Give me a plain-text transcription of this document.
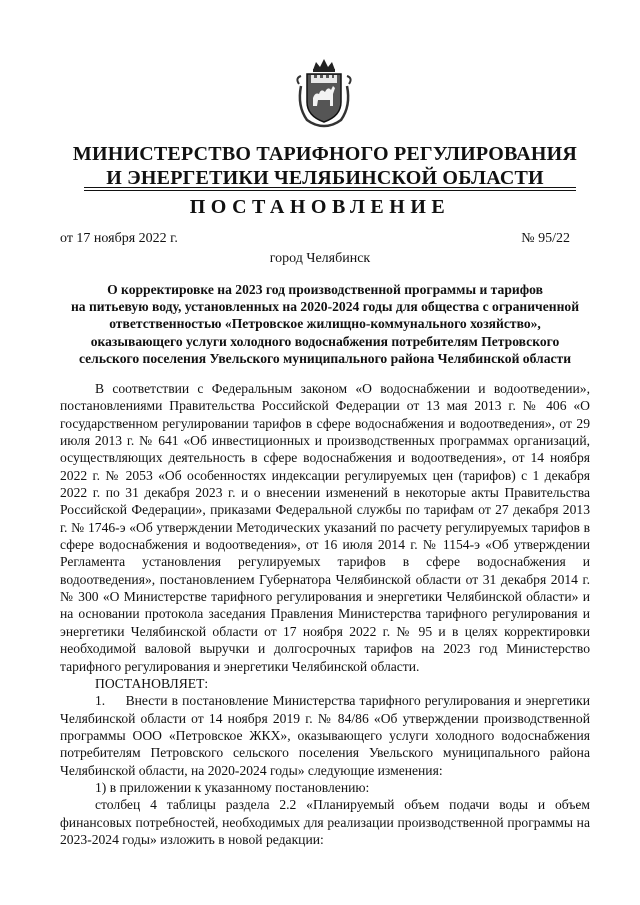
МИНИСТЕРСТВО ТАРИФНОГО РЕГУЛИРОВАНИЯ
И ЭНЕРГЕТИКИ ЧЕЛЯБИНСКОЙ ОБЛАСТИ
ПОСТАНОВЛЕНИЕ
от 17 ноября 2022 г.	№ 95/22
город Челябинск
О корректировке на 2023 год производственной программы и тарифов
на питьевую воду, установленных на 2020-2024 годы для общества с ограниченной
ответственностью «Петровское жилищно-коммунального хозяйство»,
оказывающего услуги холодного водоснабжения потребителям Петровского
сельского поселения Увельского муниципального района Челябинской области

В соответствии с Федеральным законом «О водоснабжении и водоотведении», постановлениями Правительства Российской Федерации от 13 мая 2013 г. № 406 «О государственном регулировании тарифов в сфере водоснабжения и водоотведения», от 29 июля 2013 г. № 641 «Об инвестиционных и производственных программах организаций, осуществляющих деятельность в сфере водоснабжения и водоотведения», от 14 ноября 2022 г. № 2053 «Об особенностях индексации регулируемых цен (тарифов) с 1 декабря 2022 г. по 31 декабря 2023 г. и о внесении изменений в некоторые акты Правительства Российской Федерации», приказами Федеральной службы по тарифам от 27 декабря 2013 г. № 1746-э «Об утверждении Методических указаний по расчету регулируемых тарифов в сфере водоснабжения и водоотведения», от 16 июля 2014 г. № 1154-э «Об утверждении Регламента установления регулируемых тарифов в сфере водоснабжения и водоотведения», постановлением Губернатора Челябинской области от 31 декабря 2014 г. № 300 «О Министерстве тарифного регулирования и энергетики Челябинской области» и на основании протокола заседания Правления Министерства тарифного регулирования и энергетики Челябинской области от 17 ноября 2022 г. № 95 и в целях корректировки необходимой валовой выручки и долгосрочных тарифов на 2023 год Министерство тарифного регулирования и энергетики Челябинской области.

ПОСТАНОВЛЯЕТ:

1.     Внести в постановление Министерства тарифного регулирования и энергетики Челябинской области от 14 ноября 2019 г. № 84/86 «Об утверждении производственной программы ООО «Петровское ЖКХ», оказывающего услуги холодного водоснабжения потребителям Петровского сельского поселения Увельского муниципального района Челябинской области, на 2020-2024 годы» следующие изменения:

1) в приложении к указанному постановлению:

столбец 4 таблицы раздела 2.2 «Планируемый объем подачи воды и объем финансовых потребностей, необходимых для реализации производственной программы на 2023-2024 годы» изложить в новой редакции:
